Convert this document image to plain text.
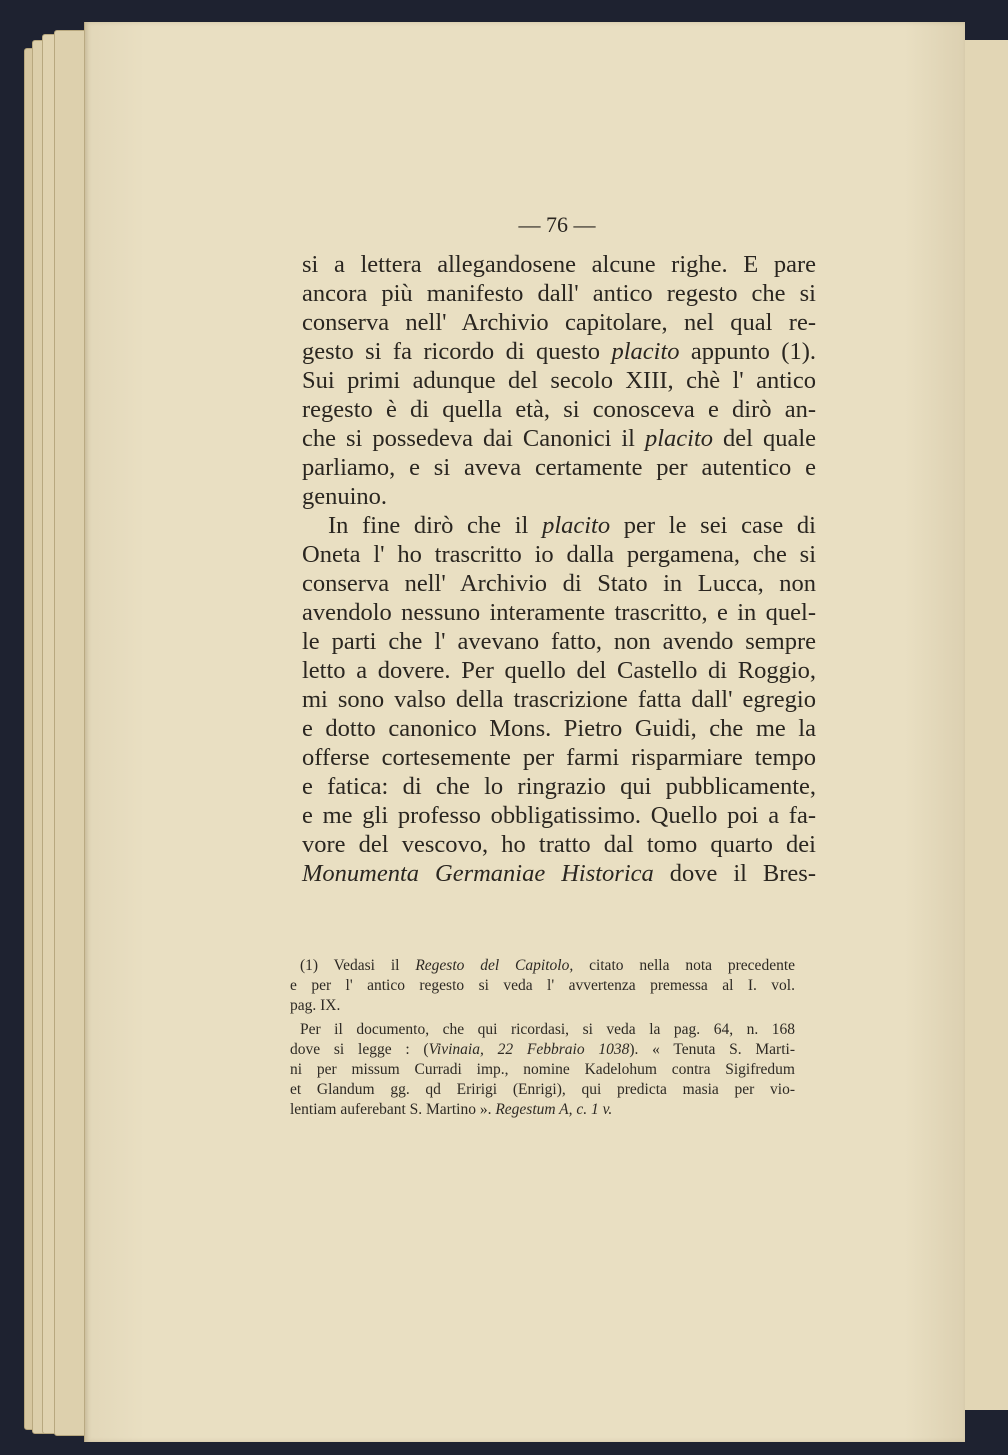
— 76 —
si a lettera allegandosene alcune righe. E pare
ancora più manifesto dall' antico regesto che si
conserva nell' Archivio capitolare, nel qual re-
gesto si fa ricordo di questo placito appunto (1).
Sui primi adunque del secolo XIII, chè l' antico
regesto è di quella età, si conosceva e dirò an-
che si possedeva dai Canonici il placito del quale
parliamo, e si aveva certamente per autentico e
genuino.
In fine dirò che il placito per le sei case di
Oneta l' ho trascritto io dalla pergamena, che si
conserva nell' Archivio di Stato in Lucca, non
avendolo nessuno interamente trascritto, e in quel-
le parti che l' avevano fatto, non avendo sempre
letto a dovere. Per quello del Castello di Roggio,
mi sono valso della trascrizione fatta dall' egregio
e dotto canonico Mons. Pietro Guidi, che me la
offerse cortesemente per farmi risparmiare tempo
e fatica: di che lo ringrazio qui pubblicamente,
e me gli professo obbligatissimo. Quello poi a fa-
vore del vescovo, ho tratto dal tomo quarto dei
Monumenta Germaniae Historica dove il Bres-
(1) Vedasi il Regesto del Capitolo, citato nella nota precedente
e per l' antico regesto si veda l' avvertenza premessa al I. vol.
pag. IX.
Per il documento, che qui ricordasi, si veda la pag. 64, n. 168
dove si legge : (Vivinaia, 22 Febbraio 1038). « Tenuta S. Marti-
ni per missum Curradi imp., nomine Kadelohum contra Sigifredum
et Glandum gg. qd Eririgi (Enrigi), qui predicta masia per vio-
lentiam auferebant S. Martino ». Regestum A, c. 1 v.
